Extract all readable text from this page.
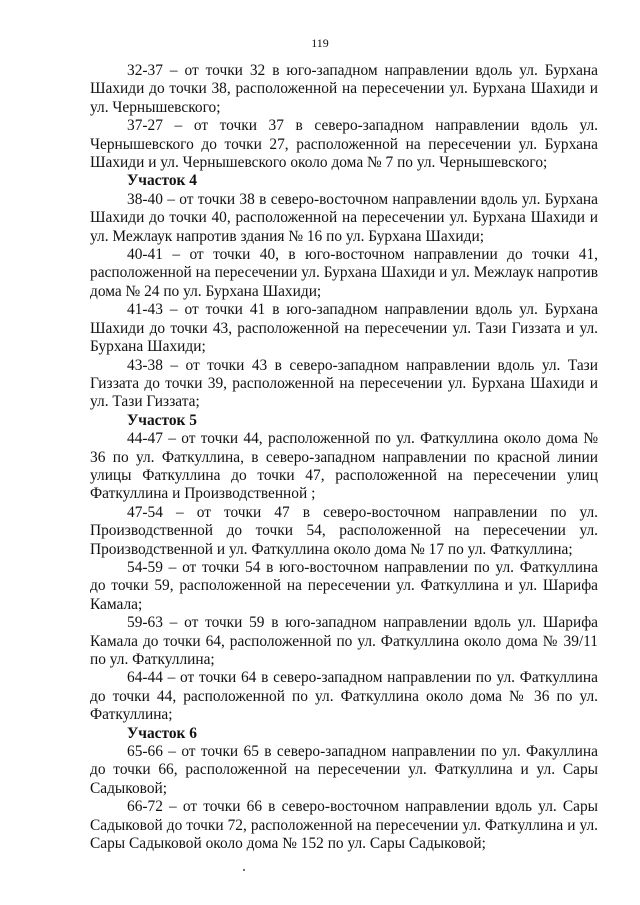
119

32-37 – от точки 32 в юго-западном направлении вдоль ул. Бурхана Шахиди до точки 38, расположенной на пересечении ул. Бурхана Шахиди и ул. Чернышевского;

37-27 – от точки 37 в северо-западном направлении вдоль ул. Чернышевского до точки 27, расположенной на пересечении ул. Бурхана Шахиди и ул. Чернышевского около дома № 7 по ул. Чернышевского;

Участок 4

38-40 – от точки 38 в северо-восточном направлении вдоль ул. Бурхана Шахиди до точки 40, расположенной на пересечении ул. Бурхана Шахиди и ул. Межлаук напротив здания № 16 по ул. Бурхана Шахиди;

40-41 – от точки 40, в юго-восточном направлении до точки 41, расположенной на пересечении ул. Бурхана Шахиди и ул. Межлаук напротив дома № 24 по ул. Бурхана Шахиди;

41-43 – от точки 41 в юго-западном направлении вдоль ул. Бурхана Шахиди до точки 43, расположенной на пересечении ул. Тази Гиззата и ул. Бурхана Шахиди;

43-38 – от точки 43 в северо-западном направлении вдоль ул. Тази Гиззата до точки 39, расположенной на пересечении ул. Бурхана Шахиди и ул. Тази Гиззата;

Участок 5

44-47 – от точки 44, расположенной по ул. Фаткуллина около дома № 36 по ул. Фаткуллина, в северо-западном направлении по красной линии улицы Фаткуллина до точки 47, расположенной на пересечении улиц Фаткуллина и Производственной ;

47-54 – от точки 47 в северо-восточном направлении по ул. Производственной до точки 54, расположенной на пересечении ул. Производственной и ул. Фаткуллина около дома № 17 по ул. Фаткуллина;

54-59 – от точки 54 в юго-восточном направлении по ул. Фаткуллина до точки 59, расположенной на пересечении ул. Фаткуллина и ул. Шарифа Камала;

59-63 – от точки 59 в юго-западном направлении вдоль ул. Шарифа Камала до точки 64, расположенной по ул. Фаткуллина около дома № 39/11 по ул. Фаткуллина;

64-44 – от точки 64 в северо-западном направлении по ул. Фаткуллина до точки 44, расположенной по ул. Фаткуллина около дома № 36 по ул. Фаткуллина;

Участок 6

65-66 – от точки 65 в северо-западном направлении по ул. Факуллина до точки 66, расположенной на пересечении ул. Фаткуллина и ул. Сары Садыковой;

66-72 – от точки 66 в северо-восточном направлении вдоль ул. Сары Садыковой до точки 72, расположенной на пересечении ул. Фаткуллина и ул. Сары Садыковой около дома № 152 по ул. Сары Садыковой;
